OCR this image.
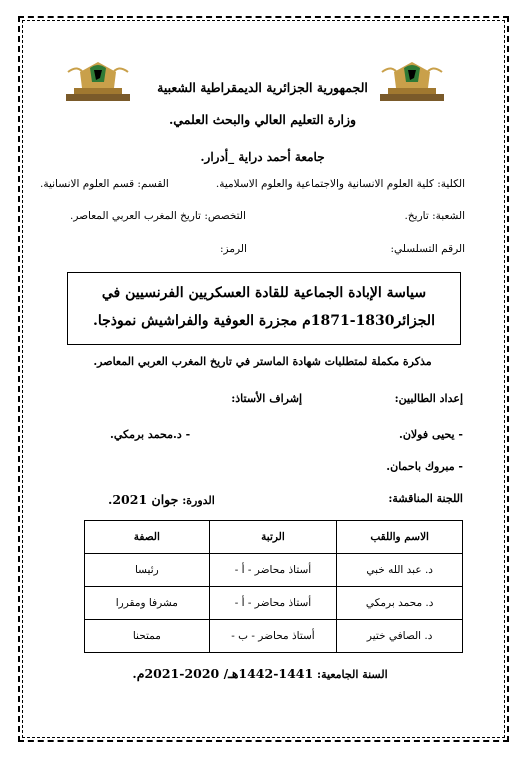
الجمهورية الجزائرية الديمقراطية الشعبية
وزارة التعليم العالي والبحث العلمي.
جامعة أحمد دراية _أدرار.
الكلية: كلية العلوم الانسانية والاجتماعية والعلوم الاسلامية.
القسم: قسم العلوم الانسانية.
الشعبة: تاريخ.
التخصص: تاريخ المغرب العربي المعاصر.
الرقم التسلسلي:
الرمز:
سياسة الإبادة الجماعية للقادة العسكريين الفرنسيين في
الجزائر1830-1871م مجزرة العوفية والفراشيش نموذجا.
مذكرة مكملة لمتطلبات شهادة الماستر في تاريخ المغرب العربي المعاصر.
إعداد الطالبين:
إشراف الأستاذ:
- يحيى فولان.
- د.محمد برمكي.
- مبروك باحمان.
اللجنة المناقشة:
الدورة: جوان 2021.
الاسم واللقب	الرتبة	الصفة
د. عبد الله خبي	أستاذ محاضر - أ -	رئيسا
د. محمد برمكي	أستاذ محاضر - أ -	مشرفا ومقررا
د. الصافي ختير	أستاذ محاضر - ب -	ممتحنا
السنة الجامعية: 1441-1442هـ/ 2020-2021م.
